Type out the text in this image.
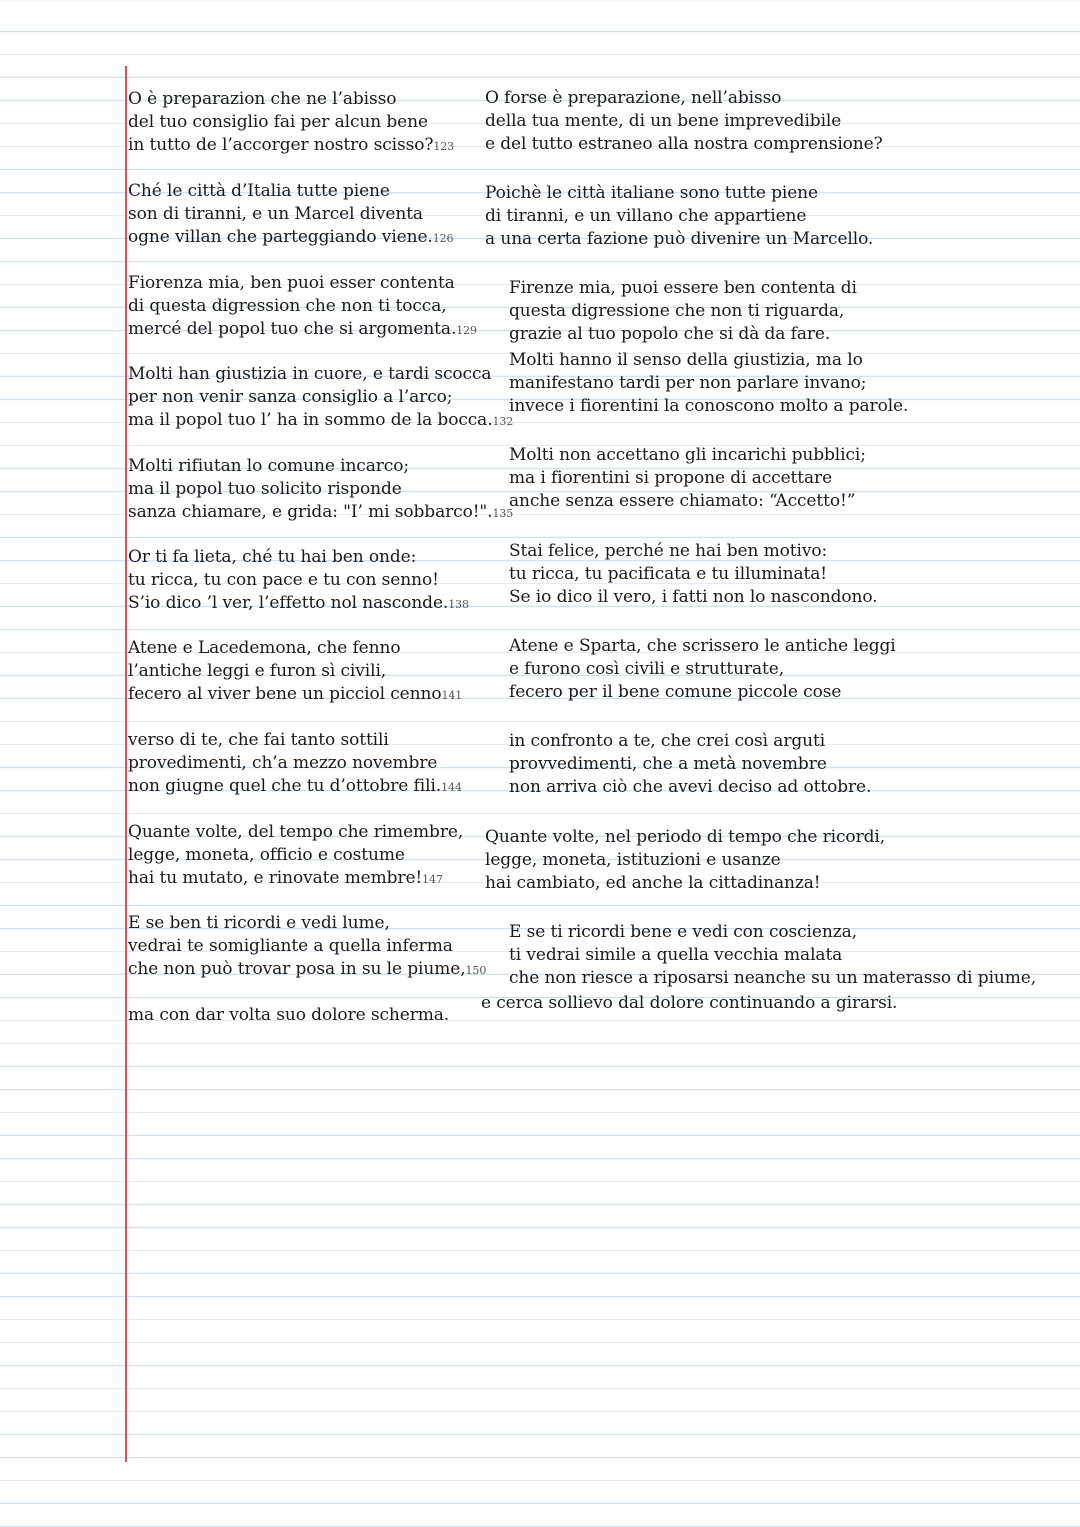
O è preparazion che ne l’abisso
del tuo consiglio fai per alcun bene
in tutto de l’accorger nostro scisso?123
O forse è preparazione, nell’abisso
della tua mente, di un bene imprevedibile
e del tutto estraneo alla nostra comprensione?
Ché le città d’Italia tutte piene
son di tiranni, e un Marcel diventa
ogne villan che parteggiando viene.126
Poichè le città italiane sono tutte piene
di tiranni, e un villano che appartiene
a una certa fazione può divenire un Marcello.
Fiorenza mia, ben puoi esser contenta
di questa digression che non ti tocca,
mercé del popol tuo che si argomenta.129
Firenze mia, puoi essere ben contenta di
questa digressione che non ti riguarda,
grazie al tuo popolo che si dà da fare.
Molti han giustizia in cuore, e tardi scocca
per non venir sanza consiglio a l’arco;
ma il popol tuo l’ ha in sommo de la bocca.132
Molti hanno il senso della giustizia, ma lo
manifestano tardi per non parlare invano;
invece i fiorentini la conoscono molto a parole.
Molti rifiutan lo comune incarco;
ma il popol tuo solicito risponde
sanza chiamare, e grida: "I’ mi sobbarco!".135
Molti non accettano gli incarichi pubblici;
ma i fiorentini si propone di accettare
anche senza essere chiamato: “Accetto!”
Or ti fa lieta, ché tu hai ben onde:
tu ricca, tu con pace e tu con senno!
S’io dico ’l ver, l’effetto nol nasconde.138
Stai felice, perché ne hai ben motivo:
tu ricca, tu pacificata e tu illuminata!
Se io dico il vero, i fatti non lo nascondono.
Atene e Lacedemona, che fenno
l’antiche leggi e furon sì civili,
fecero al viver bene un picciol cenno141
Atene e Sparta, che scrissero le antiche leggi
e furono così civili e strutturate,
fecero per il bene comune piccole cose
verso di te, che fai tanto sottili
provedimenti, ch’a mezzo novembre
non giugne quel che tu d’ottobre fili.144
in confronto a te, che crei così arguti
provvedimenti, che a metà novembre
non arriva ciò che avevi deciso ad ottobre.
Quante volte, del tempo che rimembre,
legge, moneta, officio e costume
hai tu mutato, e rinovate membre!147
Quante volte, nel periodo di tempo che ricordi,
legge, moneta, istituzioni e usanze
hai cambiato, ed anche la cittadinanza!
E se ben ti ricordi e vedi lume,
vedrai te somigliante a quella inferma
che non può trovar posa in su le piume,150
E se ti ricordi bene e vedi con coscienza,
ti vedrai simile a quella vecchia malata
che non riesce a riposarsi neanche su un materasso di piume,
ma con dar volta suo dolore scherma.
e cerca sollievo dal dolore continuando a girarsi.
